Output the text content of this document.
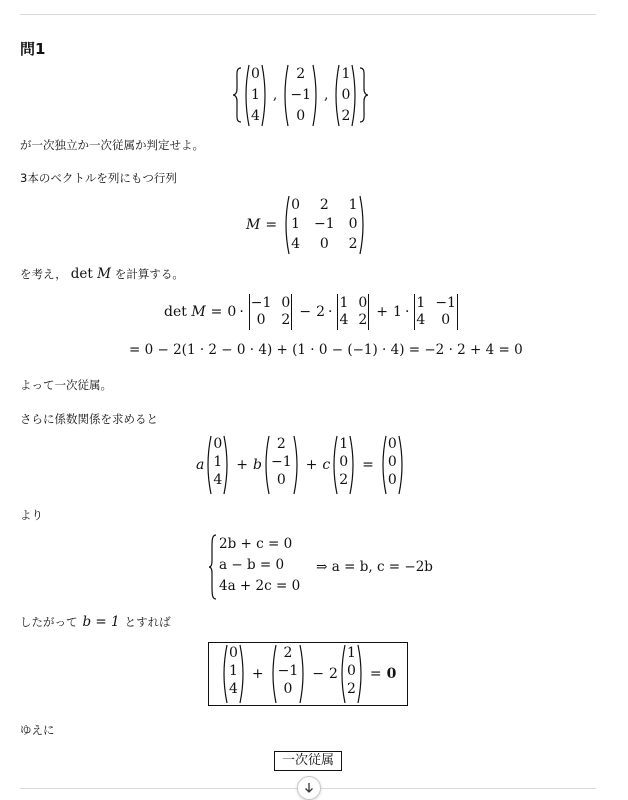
問1
0
1
4
,
2
−1
0
,
1
0
2
が一次独立か一次従属か判定せよ。
3本のベクトルを列にもつ行列
M =
0	2	1
1 −1 0
4	0	2
を考え， det M を計算する。
det
M = 0 ·
−1 0
0	2 − 2 ·
1 0
4 2 + 1 ·
1 −1
4	0
= 0 − 2(1 · 2 − 0 · 4) + (1 · 0 − (−1) · 4) = −2 · 2 + 4 = 0
よって一次従属。
さらに係数関係を求めると
a
0
1
4
+ b
2
−1
0
+ c
1
0
2
=
0
0
0
より
2b + c = 0
a − b = 0
4a + 2c = 0
⇒ a = b, c = −2b
したがって b = 1 とすれば
0
1
4
+
2
−1
0
− 2
1
0
2
= 0
ゆえに
一次従属
